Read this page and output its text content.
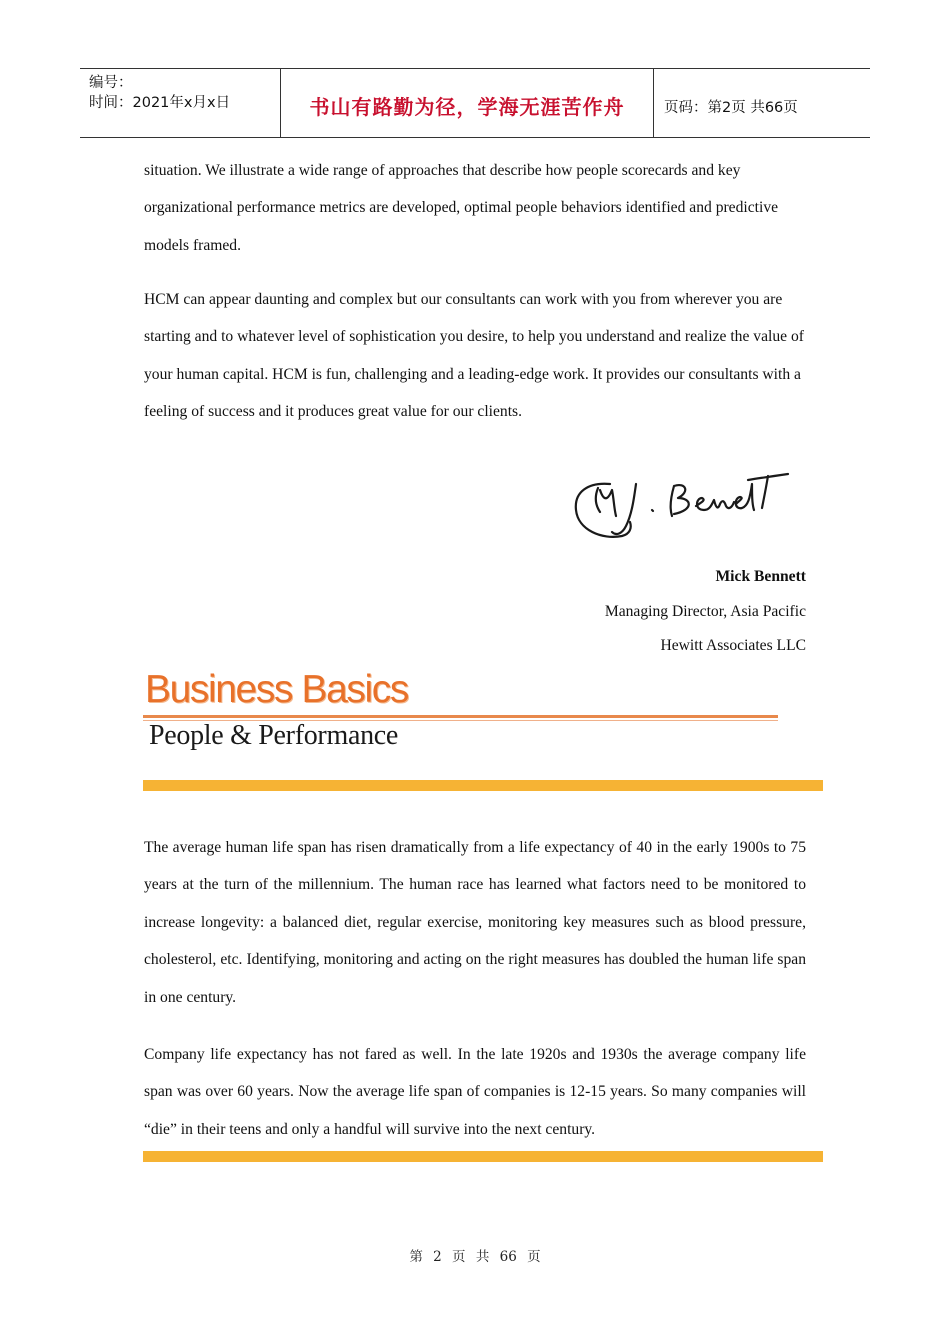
编号：
时间：2021年x月x日	书山有路勤为径，学海无涯苦作舟	页码：第2页 共66页

situation. We illustrate a wide range of approaches that describe how people scorecards and key organizational performance metrics are developed, optimal people behaviors identified and predictive models framed.

HCM can appear daunting and complex but our consultants can work with you from wherever you are starting and to whatever level of sophistication you desire, to help you understand and realize the value of your human capital. HCM is fun, challenging and a leading-edge work. It provides our consultants with a feeling of success and it produces great value for our clients.

Mick Bennett
Managing Director, Asia Pacific
Hewitt Associates LLC
Business Basics
People & Performance

The average human life span has risen dramatically from a life expectancy of 40 in the early 1900s to 75 years at the turn of the millennium. The human race has learned what factors need to be monitored to increase longevity: a balanced diet, regular exercise, monitoring key measures such as blood pressure, cholesterol, etc. Identifying, monitoring and acting on the right measures has doubled the human life span in one century.

Company life expectancy has not fared as well. In the late 1920s and 1930s the average company life span was over 60 years. Now the average life span of companies is 12-15 years. So many companies will “die” in their teens and only a handful will survive into the next century.

第 2 页 共 66 页
